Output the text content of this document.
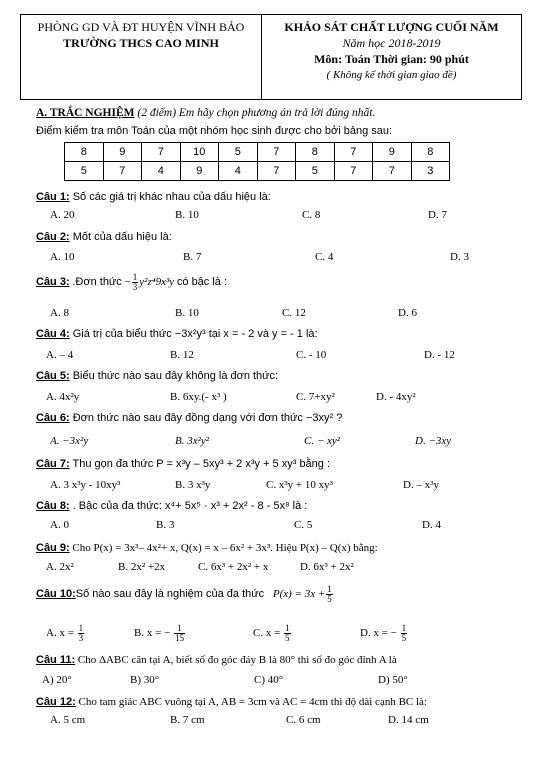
PHÒNG GD VÀ ĐT HUYỆN VĨNH BẢO
TRƯỜNG THCS CAO MINH
KHẢO SÁT CHẤT LƯỢNG CUỐI NĂM
Năm học 2018-2019
Môn: Toán Thời gian: 90 phút
( Không kể thời gian giao đề)
A. TRẮC NGHIỆM (2 điểm) Em hãy chọn phương án trả lời đúng nhất.
Điểm kiểm tra môn Toán của một nhóm học sinh được cho bởi bảng sau:
8	9	7	10	5	7	8	7	9	8
5	7	4	9	4	7	5	7	7	3
Câu 1: Số các giá trị khác nhau của dấu hiệu là:
A. 20	B. 10	C. 8	D. 7
Câu 2: Mốt của dấu hiệu là:
A. 10	B. 7	C. 4	D. 3
Câu 3: .Đơn thức − $\frac{1}{3} y^2z^49x^3y$ có bậc là :
A. 8	B. 10	C. 12	D. 6
Câu 4: Giá trị của biểu thức −3x²y³ tại x = - 2 và y = - 1 là:
A. – 4	B. 12	C. - 10	D. - 12
Câu 5: Biểu thức nào sau đây không là đơn thức:
A. 4x²y	B. 6xy.(- x³ )	C. 7+xy²	D. - 4xy²
Câu 6: Đơn thức nào sau đây đồng dạng với đơn thức −3xy² ?
A. −3x²y	B. 3x²y²	C. − xy²	D. −3xy
Câu 7: Thu gọn đa thức P = x³y – 5xy³ + 2 x³y + 5 xy³ bằng :
A. 3 x³y - 10xy³	B. 3 x³y	C. x³y + 10 xy³	D. – x³y
Câu 8: . Bậc của đa thức: x⁴+ 5x⁵ · x³ + 2x² - 8 - 5x⁸ là :
A. 0	B. 3	C. 5	D. 4
Câu 9: Cho P(x) = 3x³– 4x²+ x, Q(x) = x – 6x² + 3x³. Hiệu P(x) – Q(x) bằng:
A. 2x²	B. 2x² +2x	C. 6x³ + 2x² + x	D. 6x³ + 2x²
Câu 10:Số nào sau đây là nghiệm của đa thức $P(x) = 3x + \frac{1}{5}$
A. $x = \frac{1}{3}$	B. x = − $\frac{1}{15}$	C. $x = \frac{1}{5}$	D. x = − $\frac{1}{5}$
Câu 11: Cho ΔABC cân tại A, biết số đo góc đáy B là 80° thì số đo góc đỉnh A là
A) 20°	B) 30°	C) 40°	D) 50°
Câu 12: Cho tam giác ABC vuông tại A, AB = 3cm và AC = 4cm thì độ dài cạnh BC là:
A. 5 cm	B. 7 cm	C. 6 cm	D. 14 cm
